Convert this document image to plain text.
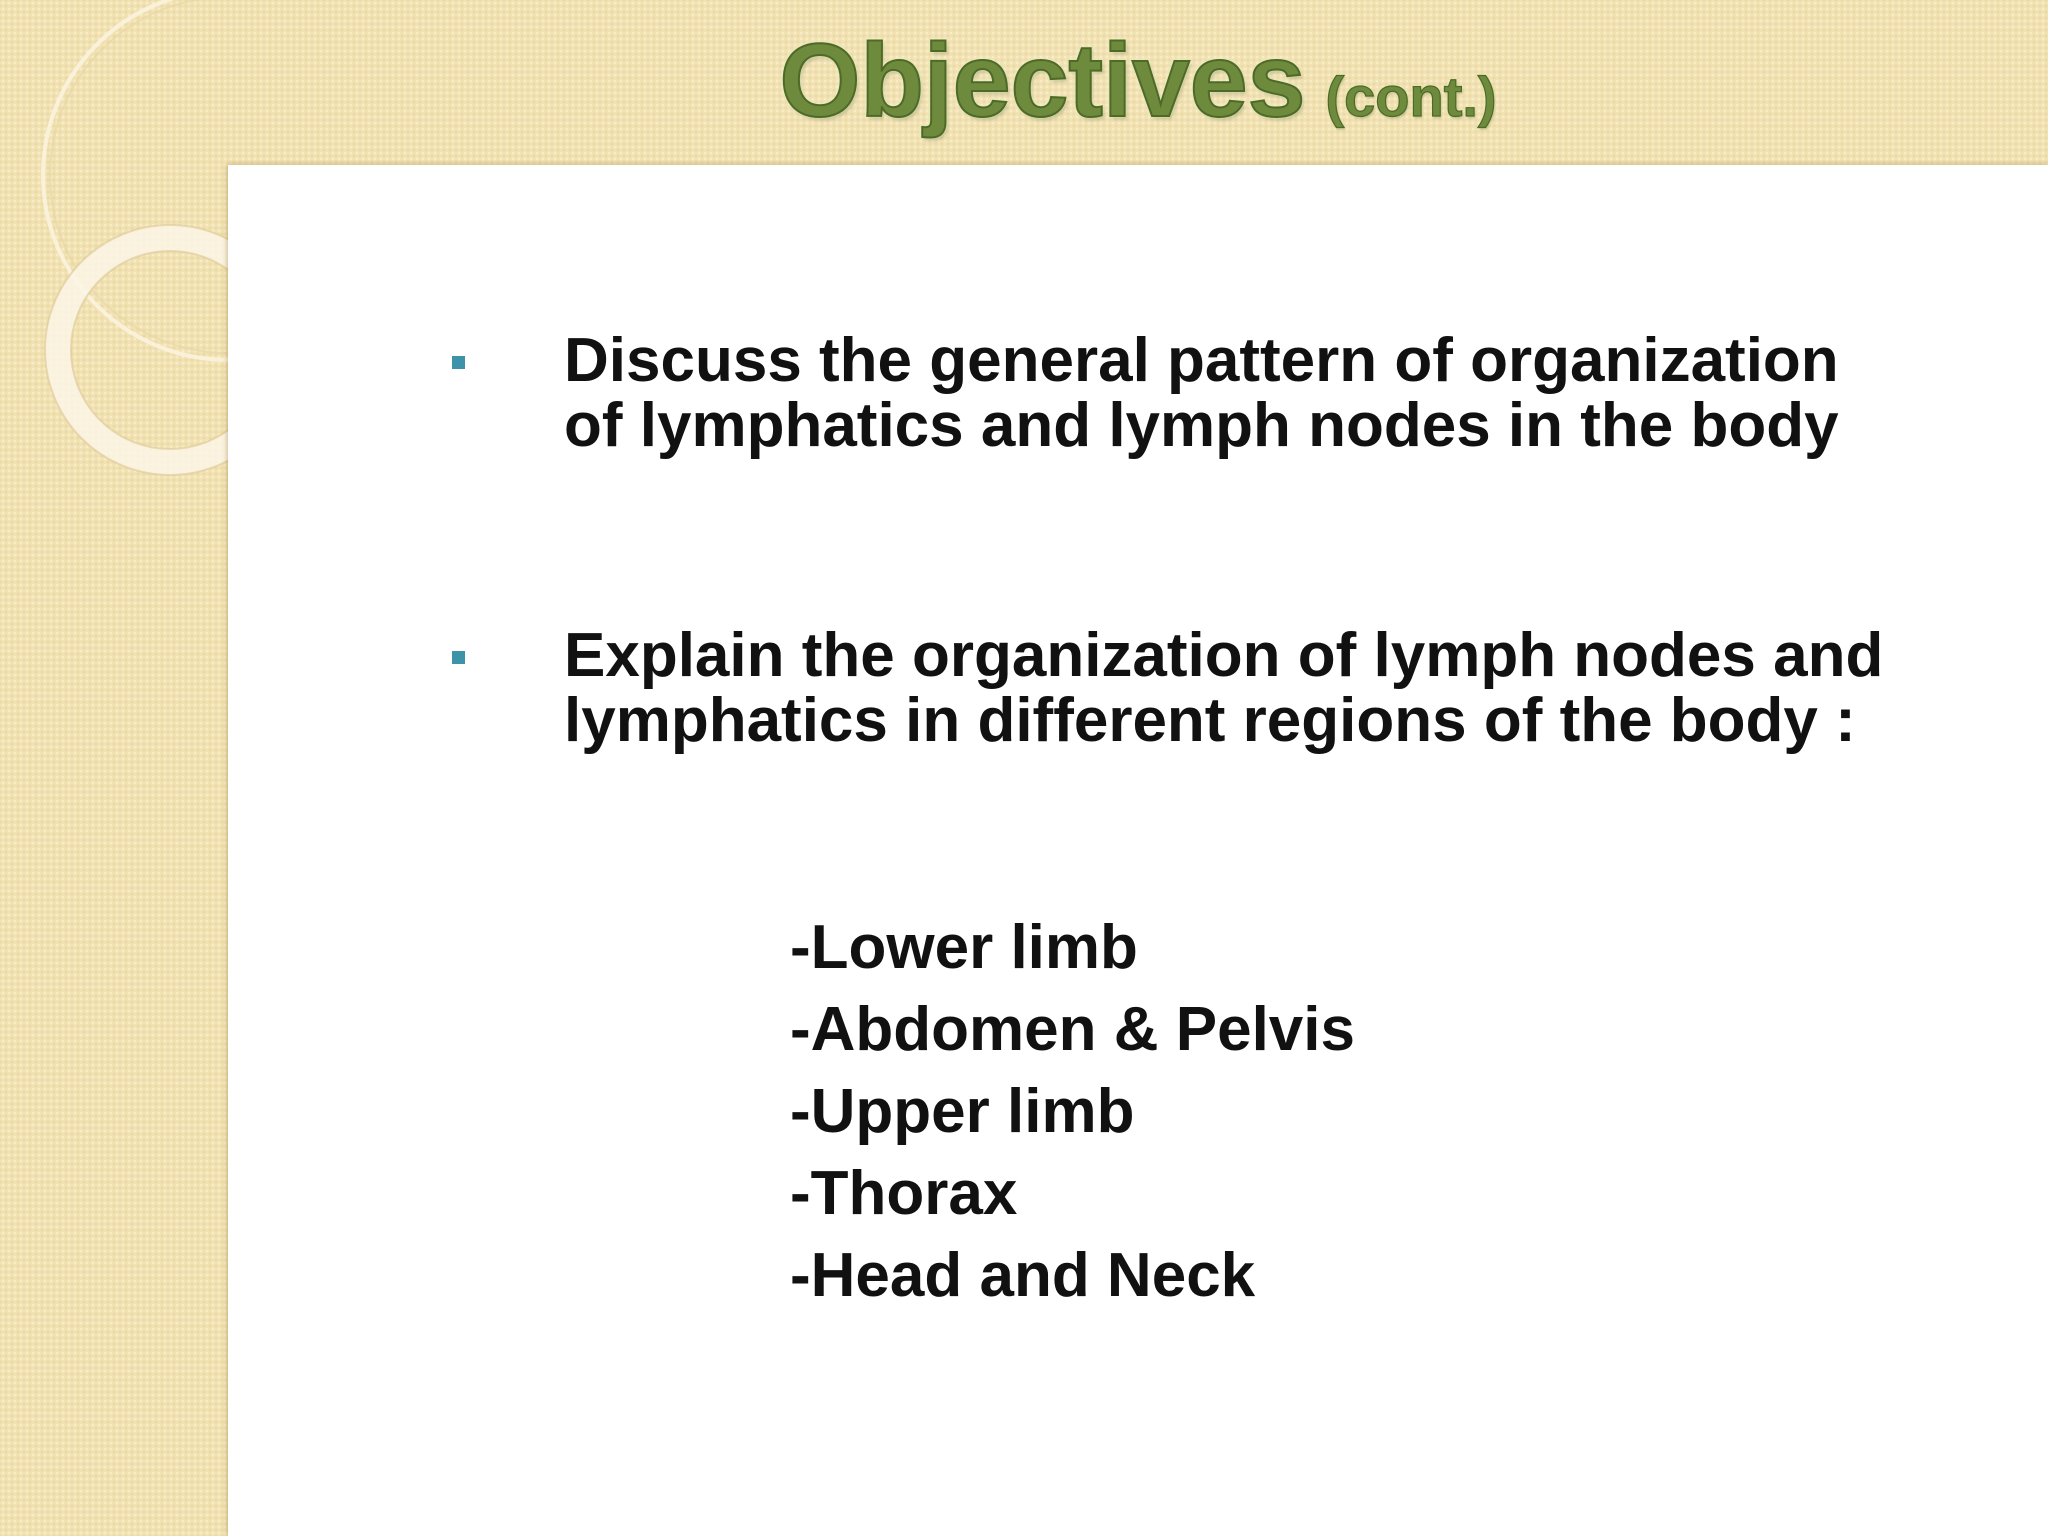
Objectives (cont.)
Discuss the general pattern of organization of lymphatics and lymph nodes in the body
Explain the organization of lymph nodes and lymphatics in different regions of the body :
-Lower limb
-Abdomen & Pelvis
-Upper limb
-Thorax
-Head and Neck
